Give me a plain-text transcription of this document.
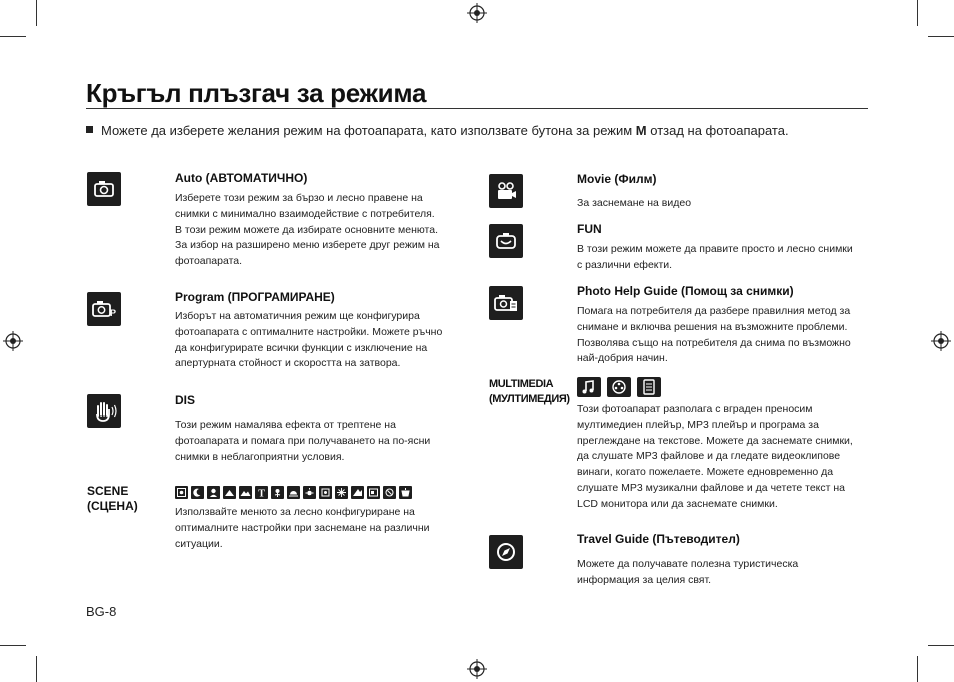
Кръгъл плъзгач за режима
Можете да изберете желания режим на фотоапарата, като използвате бутона за режим M отзад на фотоапарата.
Auto (АВТОМАТИЧНО)
Изберете този режим за бързо и лесно правене на
снимки с минимално взаимодействие с потребителя.
В този режим можете да избирате основните менюта.
За избор на разширено меню изберете друг режим на
фотоапарата.
P
Program (ПРОГРАМИРАНЕ)
Изборът на автоматичния режим ще конфигурира
фотоапарата с оптималните настройки. Можете ръчно
да конфигурирате всички функции с изключение на
апертурната стойност и скоростта на затвора.
DIS
DIS
Този режим намалява ефекта от трептене на
фотоапарата и помага при получаването на по-ясни
снимки в неблагоприятни условия.
SCENE
(СЦЕНА)
T
Използвайте менюто за лесно конфигуриране на
оптималните настройки при заснемане на различни
ситуации.
Movie (Филм)
За заснемане на видео
FUN
В този режим можете да правите просто и лесно снимки
с различни ефекти.
Photo Help Guide (Помощ за снимки)
Помага на потребителя да разбере правилния метод за
снимане и включва решения на възможните проблеми.
Позволява също на потребителя да снима по възможно
най-добрия начин.
MULTIMEDIA
(МУЛТИМЕДИЯ)
Този фотоапарат разполага с вграден преносим
мултимедиен плейър, MP3 плейър и програма за
преглеждане на текстове. Можете да заснемате снимки,
да слушате MP3 файлове и да гледате видеоклипове
винаги, когато пожелаете. Можете едновременно да
слушате MP3 музикални файлове и да четете текст на
LCD монитора или да заснемате снимки.
Travel Guide (Пътеводител)
Можете да получавате полезна туристическа
информация за целия свят.
BG-8
